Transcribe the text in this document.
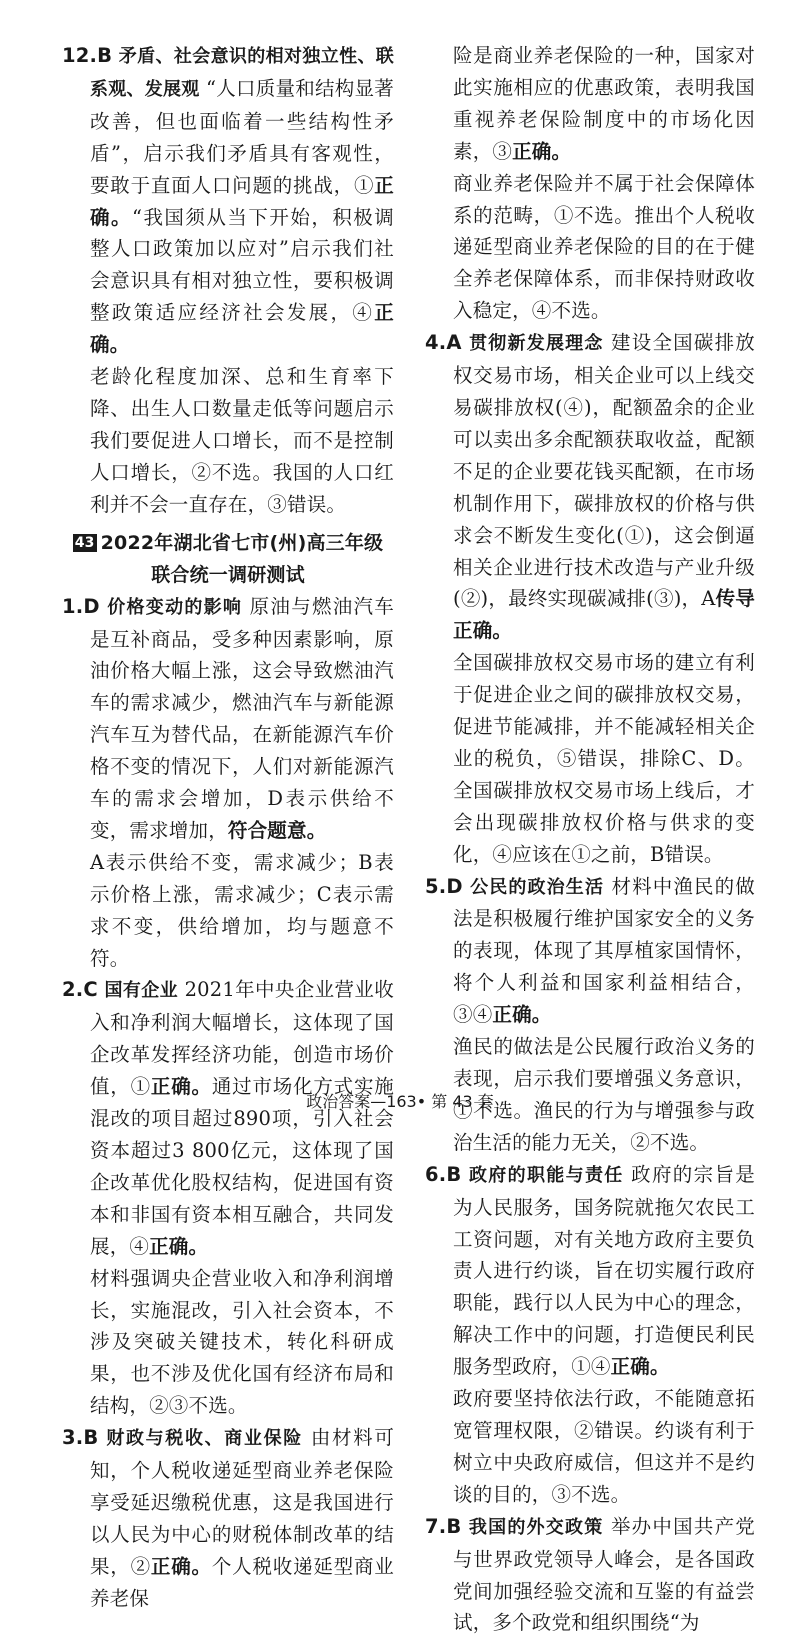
12.B 矛盾、社会意识的相对独立性、联系观、发展观 “人口质量和结构显著改善，但也面临着一些结构性矛盾”，启示我们矛盾具有客观性，要敢于直面人口问题的挑战，①正确。“我国须从当下开始，积极调整人口政策加以应对”启示我们社会意识具有相对独立性，要积极调整政策适应经济社会发展，④正确。

老龄化程度加深、总和生育率下降、出生人口数量走低等问题启示我们要促进人口增长，而不是控制人口增长，②不选。我国的人口红利并不会一直存在，③错误。

43 2022年湖北省七市(州)高三年级
联合统一调研测试

1.D 价格变动的影响 原油与燃油汽车是互补商品，受多种因素影响，原油价格大幅上涨，这会导致燃油汽车的需求减少，燃油汽车与新能源汽车互为替代品，在新能源汽车价格不变的情况下，人们对新能源汽车的需求会增加，D表示供给不变，需求增加，符合题意。

A表示供给不变，需求减少；B表示价格上涨，需求减少；C表示需求不变，供给增加，均与题意不符。

2.C 国有企业 2021年中央企业营业收入和净利润大幅增长，这体现了国企改革发挥经济功能，创造市场价值，①正确。通过市场化方式实施混改的项目超过890项，引入社会资本超过3 800亿元，这体现了国企改革优化股权结构，促进国有资本和非国有资本相互融合，共同发展，④正确。

材料强调央企营业收入和净利润增长，实施混改，引入社会资本，不涉及突破关键技术，转化科研成果，也不涉及优化国有经济布局和结构，②③不选。

3.B 财政与税收、商业保险 由材料可知，个人税收递延型商业养老保险享受延迟缴税优惠，这是我国进行以人民为中心的财税体制改革的结果，②正确。个人税收递延型商业养老保

险是商业养老保险的一种，国家对此实施相应的优惠政策，表明我国重视养老保险制度中的市场化因素，③正确。

商业养老保险并不属于社会保障体系的范畴，①不选。推出个人税收递延型商业养老保险的目的在于健全养老保障体系，而非保持财政收入稳定，④不选。

4.A 贯彻新发展理念 建设全国碳排放权交易市场，相关企业可以上线交易碳排放权(④)，配额盈余的企业可以卖出多余配额获取收益，配额不足的企业要花钱买配额，在市场机制作用下，碳排放权的价格与供求会不断发生变化(①)，这会倒逼相关企业进行技术改造与产业升级(②)，最终实现碳减排(③)，A传导正确。

全国碳排放权交易市场的建立有利于促进企业之间的碳排放权交易，促进节能减排，并不能减轻相关企业的税负，⑤错误，排除C、D。全国碳排放权交易市场上线后，才会出现碳排放权价格与供求的变化，④应该在①之前，B错误。

5.D 公民的政治生活 材料中渔民的做法是积极履行维护国家安全的义务的表现，体现了其厚植家国情怀，将个人利益和国家利益相结合，③④正确。

渔民的做法是公民履行政治义务的表现，启示我们要增强义务意识，①不选。渔民的行为与增强参与政治生活的能力无关，②不选。

6.B 政府的职能与责任 政府的宗旨是为人民服务，国务院就拖欠农民工工资问题，对有关地方政府主要负责人进行约谈，旨在切实履行政府职能，践行以人民为中心的理念，解决工作中的问题，打造便民利民服务型政府，①④正确。

政府要坚持依法行政，不能随意拓宽管理权限，②错误。约谈有利于树立中央政府威信，但这并不是约谈的目的，③不选。

7.B 我国的外交政策 举办中国共产党与世界政党领导人峰会，是各国政党间加强经验交流和互鉴的有益尝试，多个政党和组织围绕“为

政治答案—163• 第 43 套
